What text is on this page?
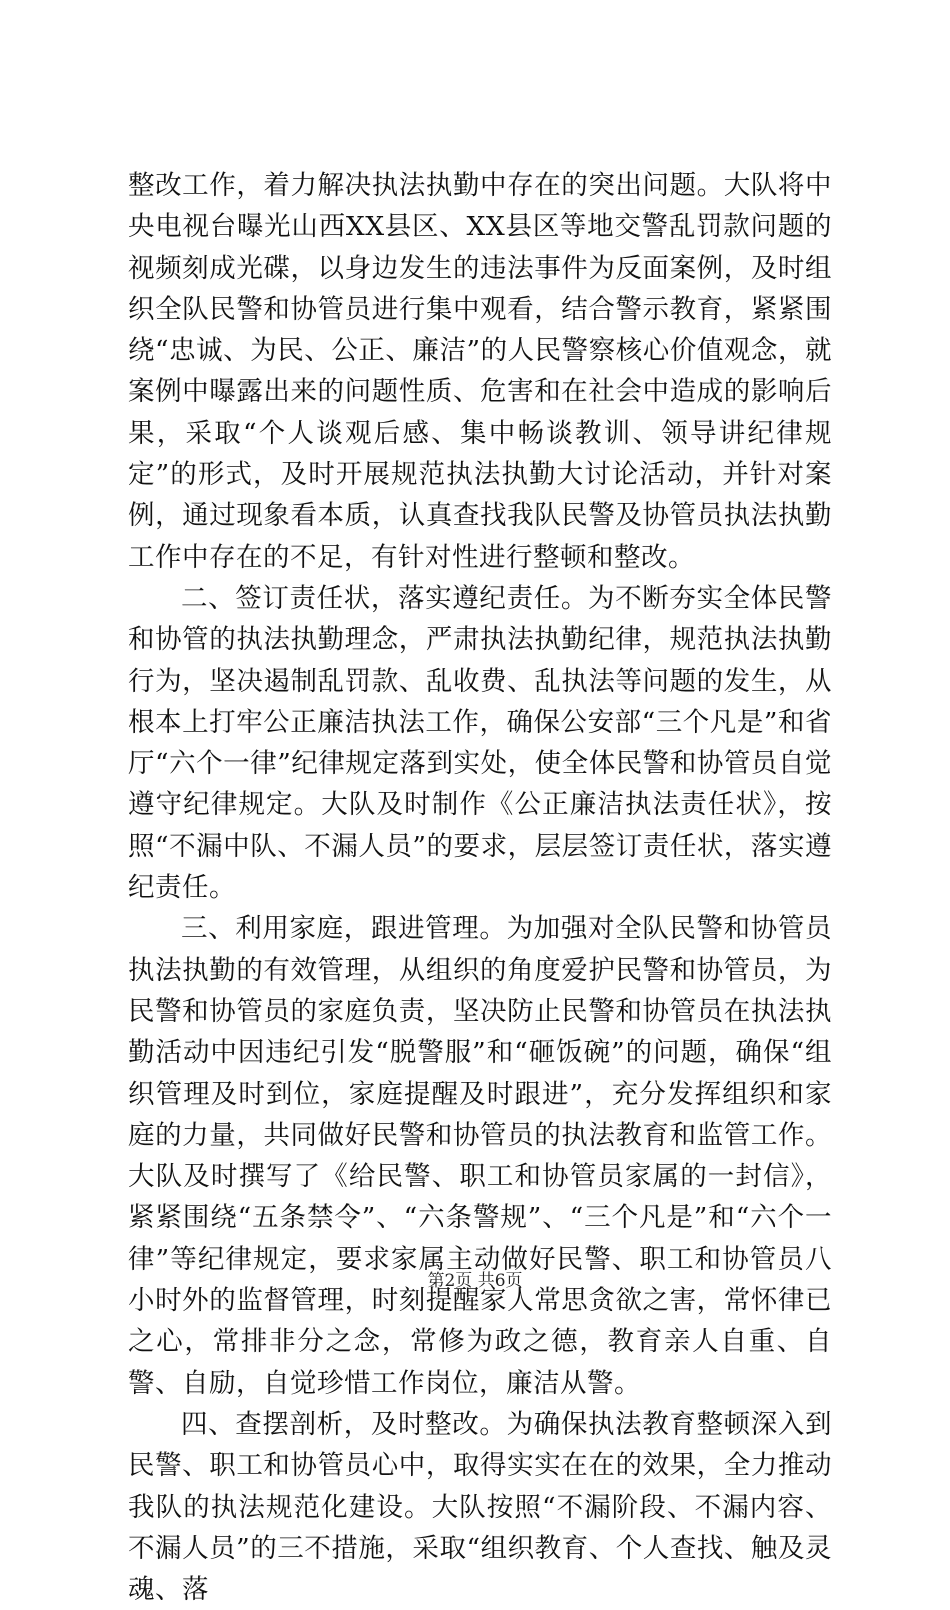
整改工作，着力解决执法执勤中存在的突出问题。大队将中央电视台曝光山西XX县区、XX县区等地交警乱罚款问题的视频刻成光碟，以身边发生的违法事件为反面案例，及时组织全队民警和协管员进行集中观看，结合警示教育，紧紧围绕“忠诚、为民、公正、廉洁”的人民警察核心价值观念，就案例中曝露出来的问题性质、危害和在社会中造成的影响后果，采取“个人谈观后感、集中畅谈教训、领导讲纪律规定”的形式，及时开展规范执法执勤大讨论活动，并针对案例，通过现象看本质，认真查找我队民警及协管员执法执勤工作中存在的不足，有针对性进行整顿和整改。

二、签订责任状，落实遵纪责任。为不断夯实全体民警和协管的执法执勤理念，严肃执法执勤纪律，规范执法执勤行为，坚决遏制乱罚款、乱收费、乱执法等问题的发生，从根本上打牢公正廉洁执法工作，确保公安部“三个凡是”和省厅“六个一律”纪律规定落到实处，使全体民警和协管员自觉遵守纪律规定。大队及时制作《公正廉洁执法责任状》，按照“不漏中队、不漏人员”的要求，层层签订责任状，落实遵纪责任。

三、利用家庭，跟进管理。为加强对全队民警和协管员执法执勤的有效管理，从组织的角度爱护民警和协管员，为民警和协管员的家庭负责，坚决防止民警和协管员在执法执勤活动中因违纪引发“脱警服”和“砸饭碗”的问题，确保“组织管理及时到位，家庭提醒及时跟进”，充分发挥组织和家庭的力量，共同做好民警和协管员的执法教育和监管工作。大队及时撰写了《给民警、职工和协管员家属的一封信》，紧紧围绕“五条禁令”、“六条警规”、“三个凡是”和“六个一律”等纪律规定，要求家属主动做好民警、职工和协管员八小时外的监督管理，时刻提醒家人常思贪欲之害，常怀律已之心，常排非分之念，常修为政之德，教育亲人自重、自警、自励，自觉珍惜工作岗位，廉洁从警。

四、查摆剖析，及时整改。为确保执法教育整顿深入到民警、职工和协管员心中，取得实实在在的效果，全力推动我队的执法规范化建设。大队按照“不漏阶段、不漏内容、不漏人员”的三不措施，采取“组织教育、个人查找、触及灵魂、落

第2页 共6页
